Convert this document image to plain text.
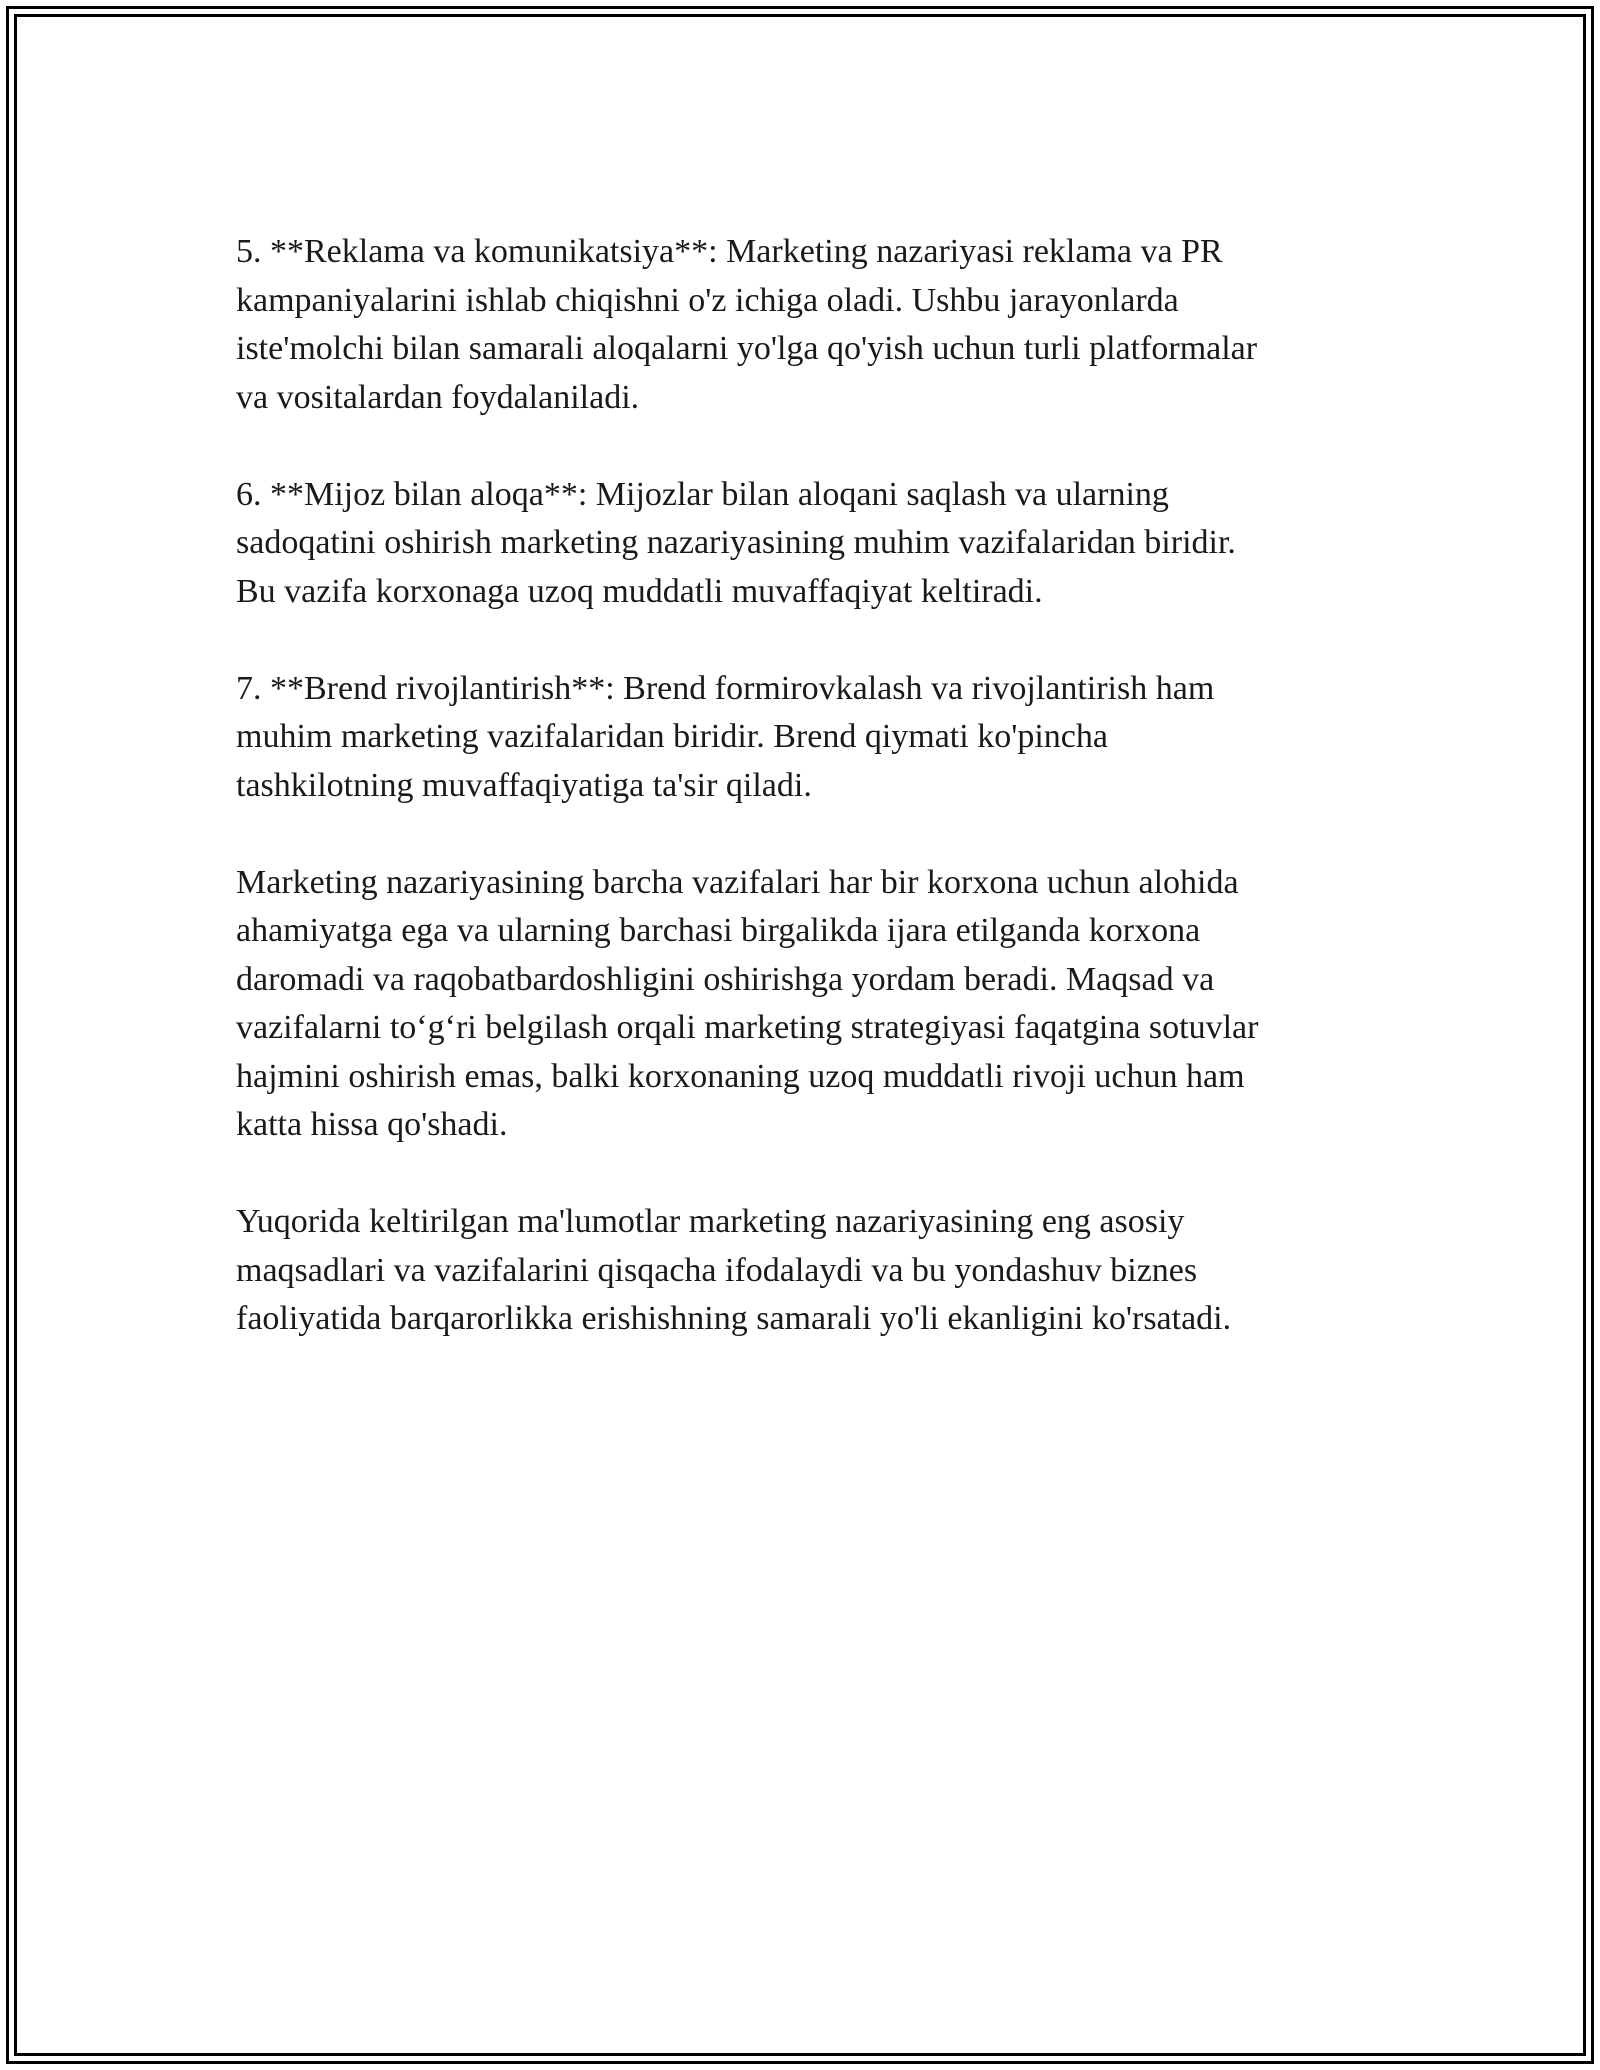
5. **Reklama va komunikatsiya**: Marketing nazariyasi reklama va PR
kampaniyalarini ishlab chiqishni o'z ichiga oladi. Ushbu jarayonlarda
iste'molchi bilan samarali aloqalarni yo'lga qo'yish uchun turli platformalar
va vositalardan foydalaniladi.

6. **Mijoz bilan aloqa**: Mijozlar bilan aloqani saqlash va ularning
sadoqatini oshirish marketing nazariyasining muhim vazifalaridan biridir.
Bu vazifa korxonaga uzoq muddatli muvaffaqiyat keltiradi.

7. **Brend rivojlantirish**: Brend formirovkalash va rivojlantirish ham
muhim marketing vazifalaridan biridir. Brend qiymati ko'pincha
tashkilotning muvaffaqiyatiga ta'sir qiladi.

Marketing nazariyasining barcha vazifalari har bir korxona uchun alohida
ahamiyatga ega va ularning barchasi birgalikda ijara etilganda korxona
daromadi va raqobatbardoshligini oshirishga yordam beradi. Maqsad va
vazifalarni to‘g‘ri belgilash orqali marketing strategiyasi faqatgina sotuvlar
hajmini oshirish emas, balki korxonaning uzoq muddatli rivoji uchun ham
katta hissa qo'shadi.

Yuqorida keltirilgan ma'lumotlar marketing nazariyasining eng asosiy
maqsadlari va vazifalarini qisqacha ifodalaydi va bu yondashuv biznes
faoliyatida barqarorlikka erishishning samarali yo'li ekanligini ko'rsatadi.
